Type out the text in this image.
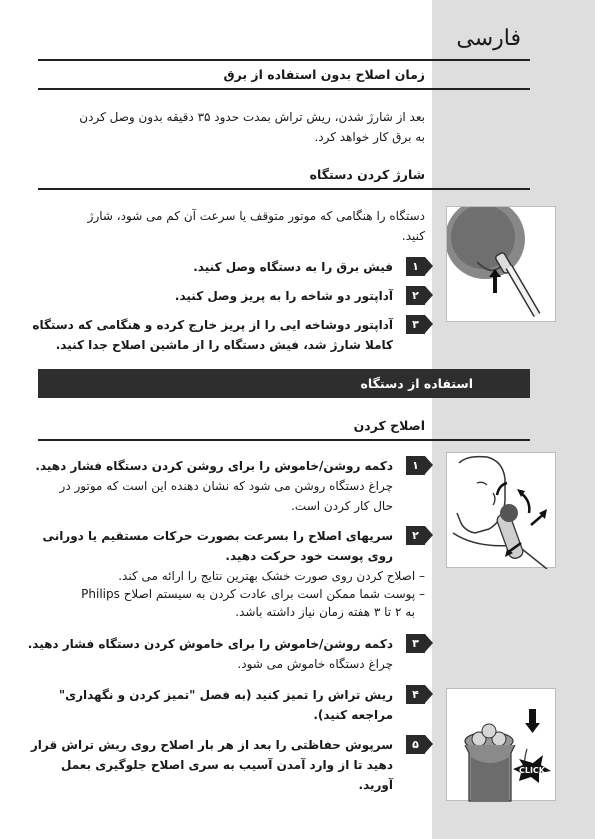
فارسی
زمان اصلاح بدون استفاده از برق
بعد از شارژ شدن، ریش تراش بمدت حدود ۳۵ دقیقه بدون وصل کردن
به برق کار خواهد کرد.
شارژ کردن دستگاه
دستگاه را هنگامی که موتور متوقف یا سرعت آن کم می شود، شارژ
کنید.
۱
فیش برق را به دستگاه وصل کنید.
۲
آداپتور دو شاخه را به پریز وصل کنید.
۳
آداپتور دوشاخه ایی را از پریز خارج کرده و هنگامی که دستگاه
کاملا شارژ شد، فیش دستگاه را از ماشین اصلاح جدا کنید.
استفاده از دستگاه
اصلاح کردن
۱
دکمه روشن/خاموش را برای روشن کردن دستگاه فشار دهید.
چراغ دستگاه روشن می شود که نشان دهنده این است که موتور در
حال کار کردن است.
۲
سریهای اصلاح را بسرعت بصورت حرکات مستقیم یا دورانی
روی پوست خود حرکت دهید.
– اصلاح کردن روی صورت خشک بهترین نتایج را ارائه می کند.
– پوست شما ممکن است برای عادت کردن به سیستم اصلاح Philips
به ۲ تا ۳ هفته زمان نیاز داشته باشد.
۳
دکمه روشن/خاموش را برای خاموش کردن دستگاه فشار دهید.
چراغ دستگاه خاموش می شود.
۴
ریش تراش را تمیز کنید (به فصل "تمیز کردن و نگهداری"
مراجعه کنید).
۵
سرپوش حفاظتی را بعد از هر بار اصلاح روی ریش تراش قرار
دهید تا از وارد آمدن آسیب به سری اصلاح جلوگیری بعمل
آورید.
CLICK
